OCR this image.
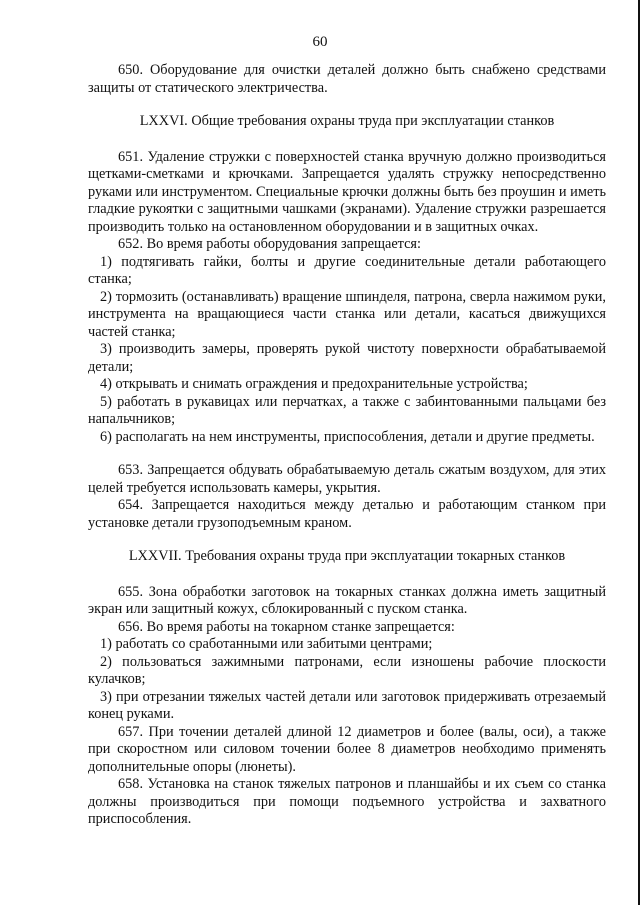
60

650. Оборудование для очистки деталей должно быть снабжено средствами защиты от статического электричества.

LXXVI. Общие требования охраны труда при эксплуатации станков

651. Удаление стружки с поверхностей станка вручную должно производиться щетками-сметками и крючками. Запрещается удалять стружку непосредственно руками или инструментом. Специальные крючки должны быть без проушин и иметь гладкие рукоятки с защитными чашками (экранами). Удаление стружки разрешается производить только на остановленном оборудовании и в защитных очках.

652. Во время работы оборудования запрещается:

1) подтягивать гайки, болты и другие соединительные детали работающего станка;

2) тормозить (останавливать) вращение шпинделя, патрона, сверла нажимом руки, инструмента на вращающиеся части станка или детали, касаться движущихся частей станка;

3) производить замеры, проверять рукой чистоту поверхности обрабатываемой детали;

4) открывать и снимать ограждения и предохранительные устройства;

5) работать в рукавицах или перчатках, а также с забинтованными пальцами без напальчников;

6) располагать на нем инструменты, приспособления, детали и другие предметы.

653. Запрещается обдувать обрабатываемую деталь сжатым воздухом, для этих целей требуется использовать камеры, укрытия.

654. Запрещается находиться между деталью и работающим станком при установке детали грузоподъемным краном.

LXXVII. Требования охраны труда при эксплуатации токарных станков

655. Зона обработки заготовок на токарных станках должна иметь защитный экран или защитный кожух, сблокированный с пуском станка.

656. Во время работы на токарном станке запрещается:

1) работать со сработанными или забитыми центрами;

2) пользоваться зажимными патронами, если изношены рабочие плоскости кулачков;

3) при отрезании тяжелых частей детали или заготовок придерживать отрезаемый конец руками.

657. При точении деталей длиной 12 диаметров и более (валы, оси), а также при скоростном или силовом точении более 8 диаметров необходимо применять дополнительные опоры (люнеты).

658. Установка на станок тяжелых патронов и планшайбы и их съем со станка должны производиться при помощи подъемного устройства и захватного приспособления.
